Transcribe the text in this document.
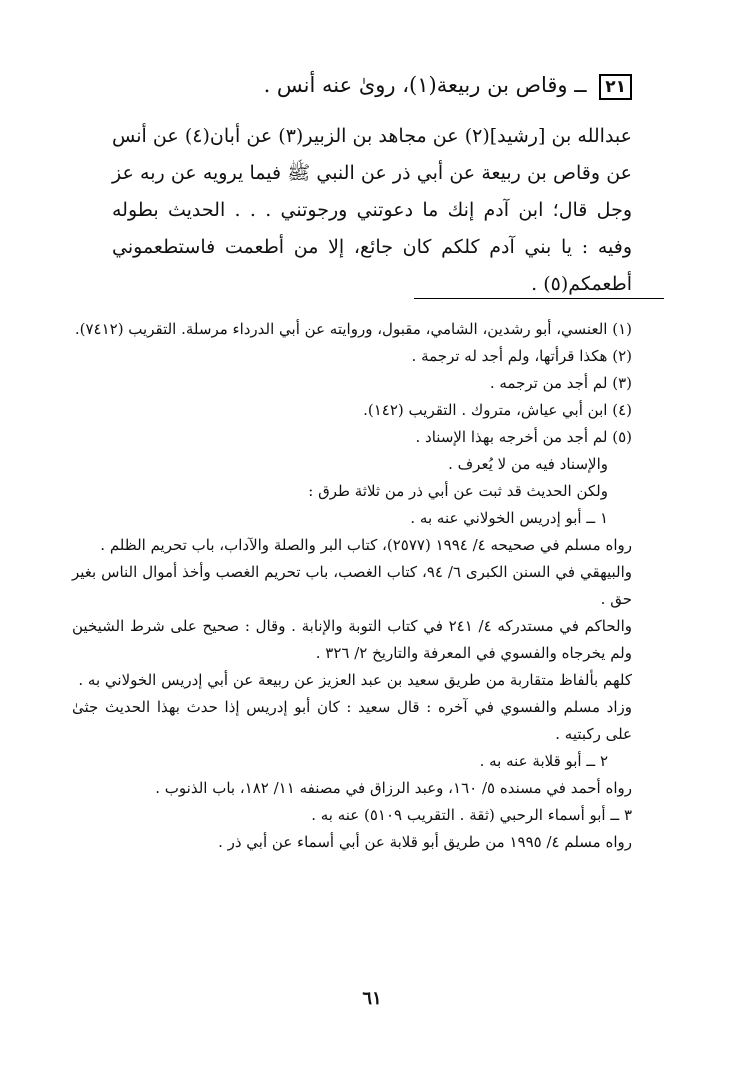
٢١ ــ وقاص بن ربيعة(١)، رویٰ عنه أنس .

عبدالله بن [رشيد](٢) عن مجاهد بن الزبير(٣) عن أبان(٤) عن أنس عن وقاص بن ربيعة عن أبي ذر عن النبي ﷺ فيما يرويه عن ربه عز وجل قال؛ ابن آدم إنك ما دعوتني ورجوتني . . . الحديث بطوله وفيه : يا بني آدم كلكم كان جائع، إلا من أطعمت فاستطعموني أطعمكم(٥) .

(١) العنسي، أبو رشدين، الشامي، مقبول، وروايته عن أبي الدرداء مرسلة. التقريب (٧٤١٢).

(٢) هكذا قرأتها، ولم أجد له ترجمة .

(٣) لم أجد من ترجمه .

(٤) ابن أبي عياش، متروك . التقريب (١٤٢).

(٥) لم أجد من أخرجه بهذا الإسناد .

والإسناد فيه من لا يُعرف .

ولكن الحديث قد ثبت عن أبي ذر من ثلاثة طرق :

١ ــ أبو إدريس الخولاني عنه به .

رواه مسلم في صحيحه ٤/ ١٩٩٤ (٢٥٧٧)، كتاب البر والصلة والآداب، باب تحريم الظلم .

والبيهقي في السنن الكبرى ٦/ ٩٤، كتاب الغصب، باب تحريم الغصب وأخذ أموال الناس بغير حق .

والحاكم في مستدركه ٤/ ٢٤١ في كتاب التوبة والإنابة . وقال : صحيح على شرط الشيخين ولم يخرجاه والفسوي في المعرفة والتاريخ ٢/ ٣٢٦ .

كلهم بألفاظ متقاربة من طريق سعيد بن عبد العزيز عن ربيعة عن أبي إدريس الخولاني به .

وزاد مسلم والفسوي في آخره : قال سعيد : كان أبو إدريس إذا حدث بهذا الحديث جثیٰ على ركبتيه .

٢ ــ أبو قلابة عنه به .

رواه أحمد في مسنده ٥/ ١٦٠، وعبد الرزاق في مصنفه ١١/ ١٨٢، باب الذنوب .

٣ ــ أبو أسماء الرحبي (ثقة . التقريب ٥١٠٩) عنه به .

رواه مسلم ٤/ ١٩٩٥ من طريق أبو قلابة عن أبي أسماء عن أبي ذر .

٦١
